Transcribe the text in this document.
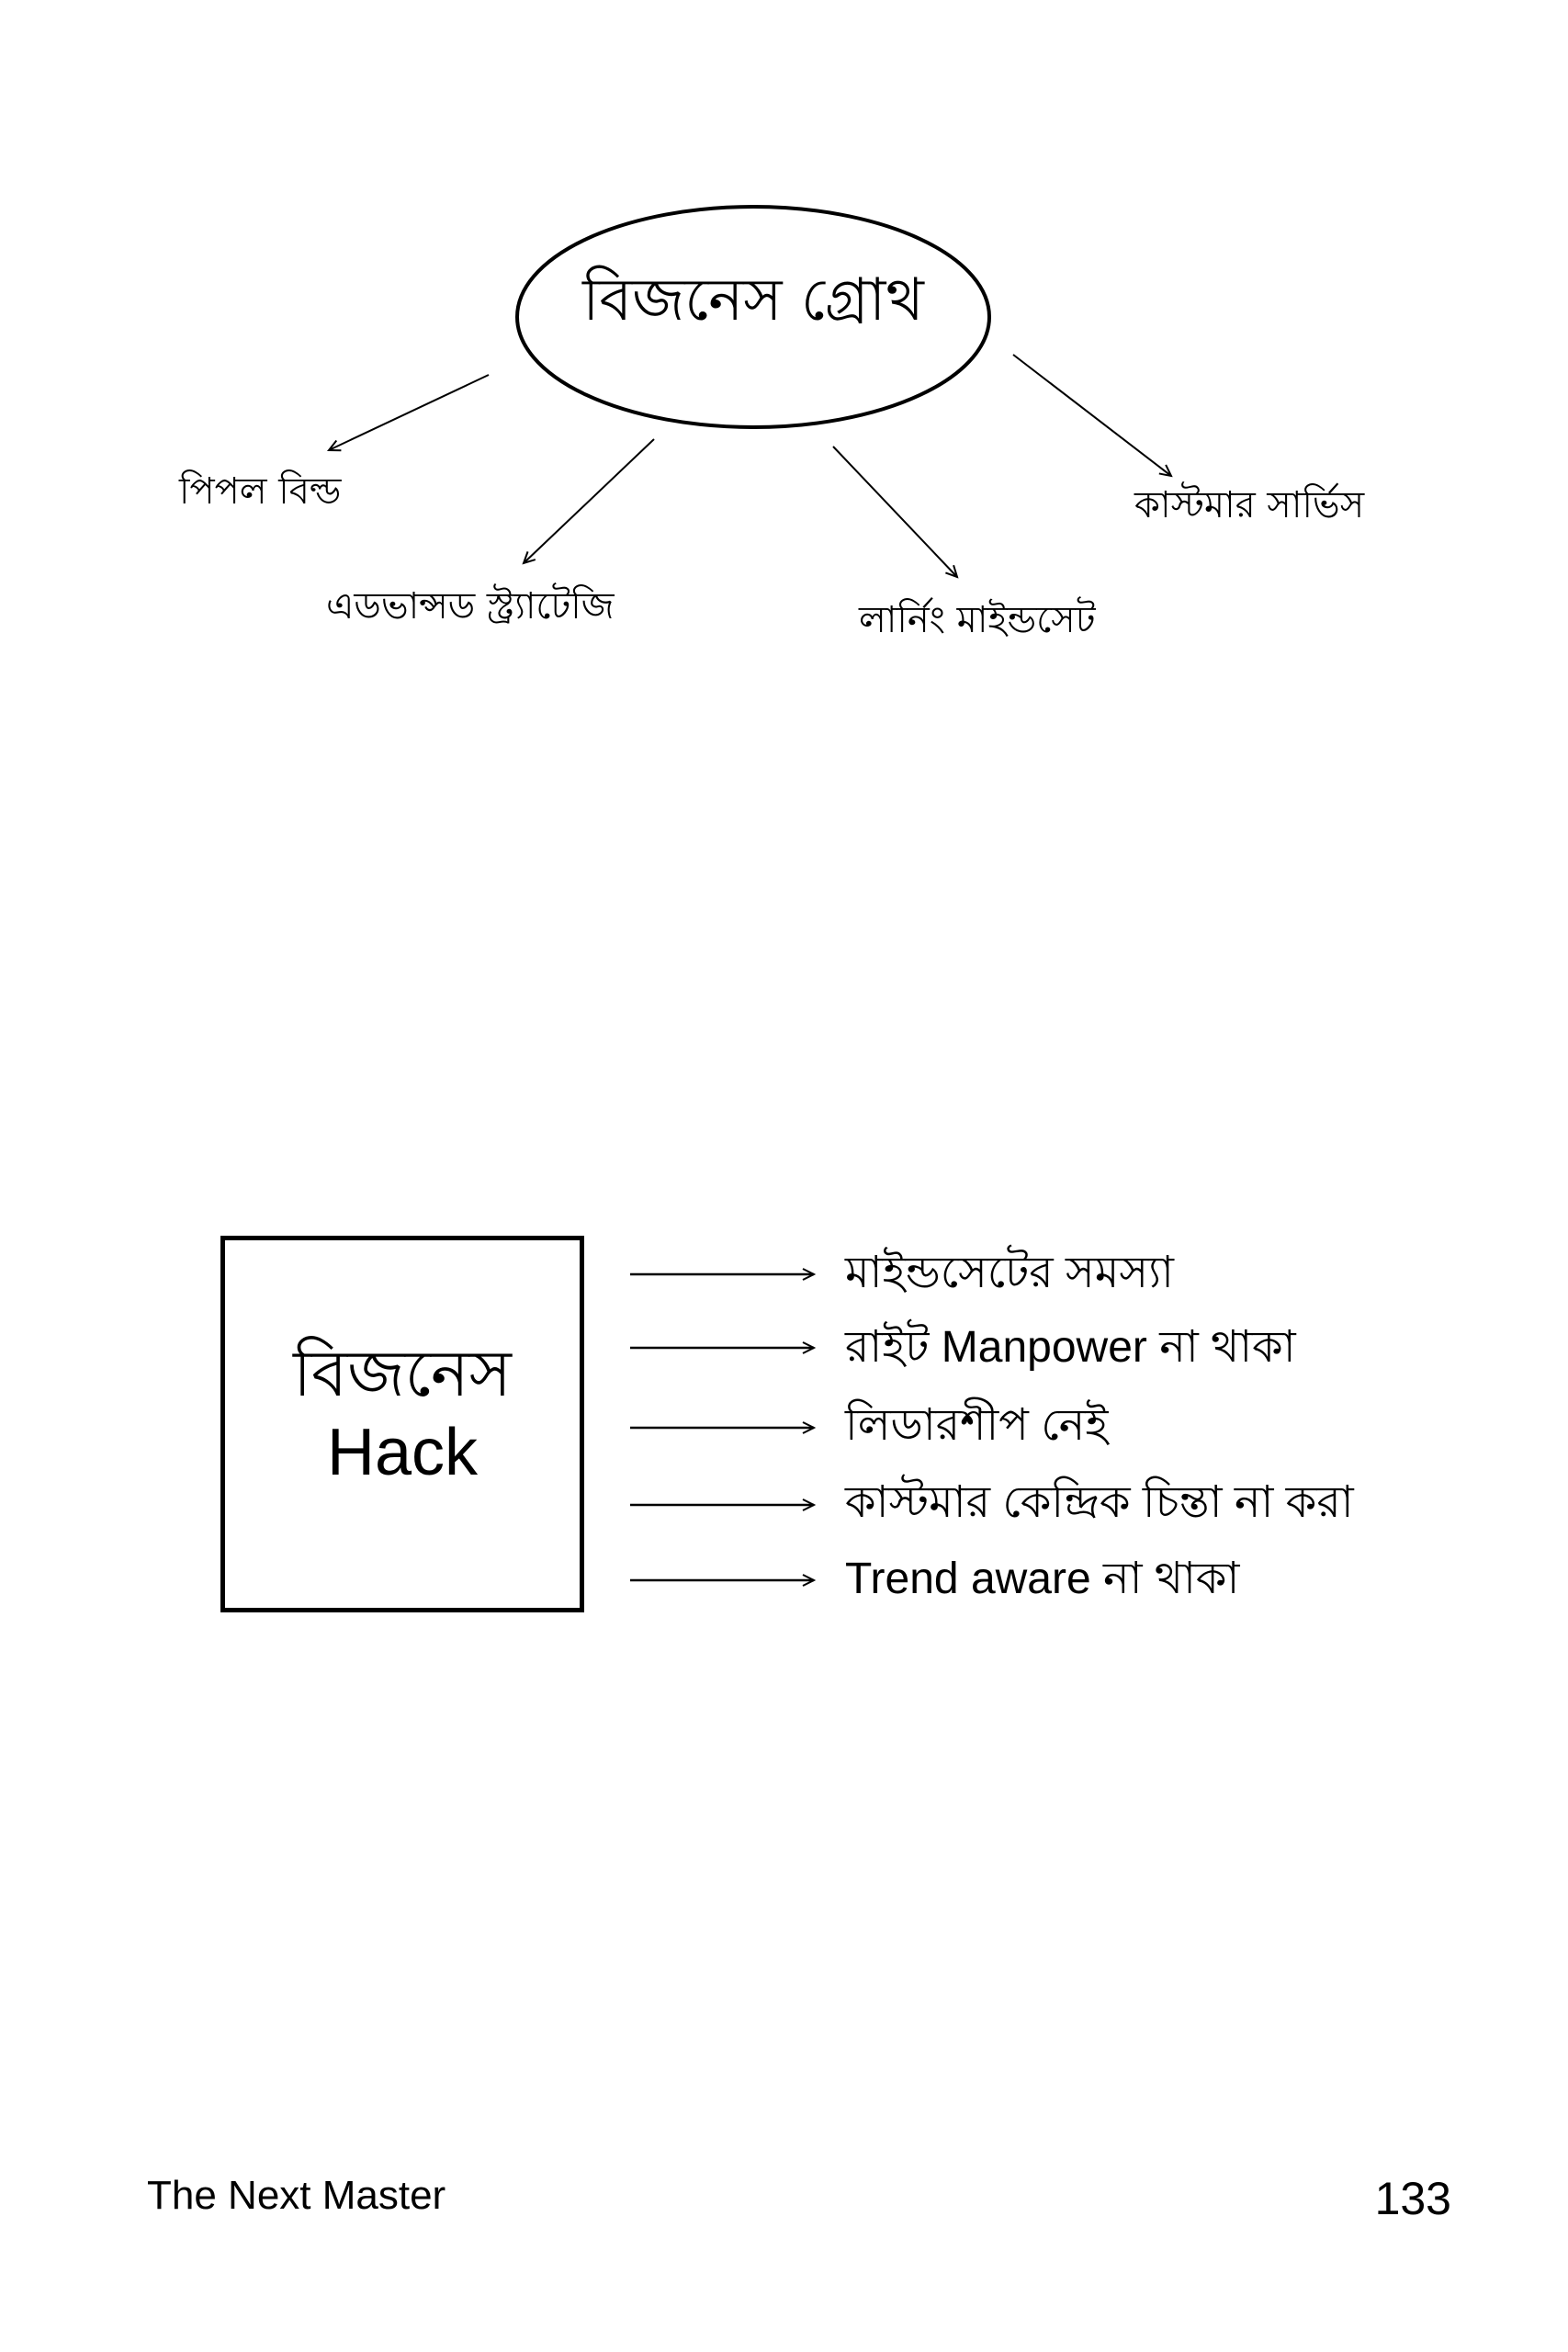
বিজনেস গ্রোথ
পিপল বিল্ড
এডভান্সড স্ট্র্যাটেজি	লার্নিং মাইন্ডসেট
কাস্টমার সার্ভিস
বিজনেস
Hack
মাইন্ডসেটের সমস্যা
রাইট Manpower না থাকা
লিডারশীপ নেই
কাস্টমার কেন্দ্রিক চিন্তা না করা
Trend aware না থাকা
The Next Master	133
